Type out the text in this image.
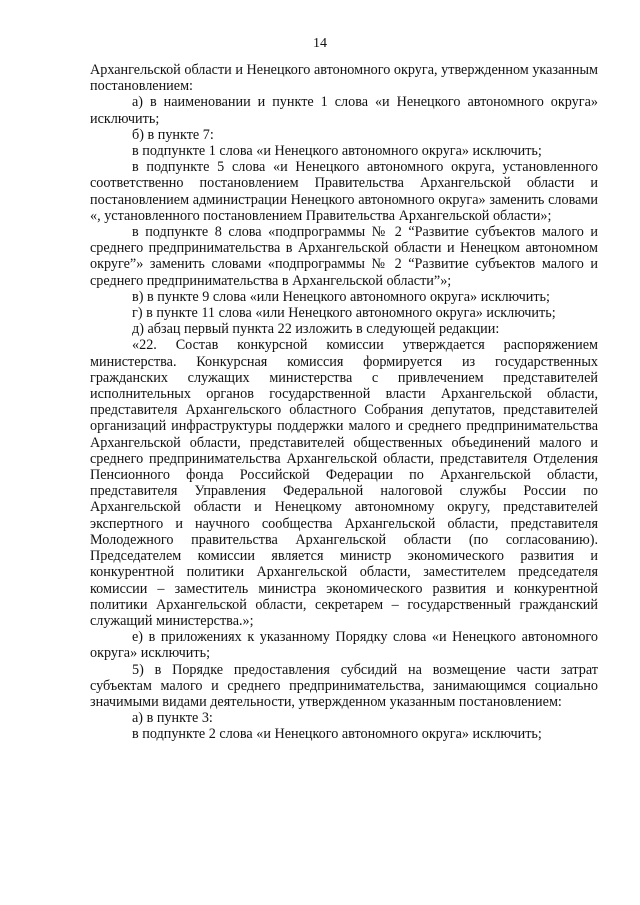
14

Архангельской области и Ненецкого автономного округа, утвержденном указанным постановлением:

а) в наименовании и пункте 1 слова «и Ненецкого автономного округа» исключить;

б) в пункте 7:

в подпункте 1 слова «и Ненецкого автономного округа» исключить;

в подпункте 5 слова «и Ненецкого автономного округа, установленного соответственно постановлением Правительства Архангельской области и постановлением администрации Ненецкого автономного округа» заменить словами «, установленного постановлением Правительства Архангельской области»;

в подпункте 8 слова «подпрограммы № 2 “Развитие субъектов малого и среднего предпринимательства в Архангельской области и Ненецком автономном округе”» заменить словами «подпрограммы № 2 “Развитие субъектов малого и среднего предпринимательства в Архангельской области”»;

в) в пункте 9 слова «или Ненецкого автономного округа» исключить;

г) в пункте 11 слова «или Ненецкого автономного округа» исключить;

д) абзац первый пункта 22 изложить в следующей редакции:

«22. Состав конкурсной комиссии утверждается распоряжением министерства. Конкурсная комиссия формируется из государственных гражданских служащих министерства с привлечением представителей исполнительных органов государственной власти Архангельской области, представителя Архангельского областного Собрания депутатов, представителей организаций инфраструктуры поддержки малого и среднего предпринимательства Архангельской области, представителей общественных объединений малого и среднего предпринимательства Архангельской области, представителя Отделения Пенсионного фонда Российской Федерации по Архангельской области, представителя Управления Федеральной налоговой службы России по Архангельской области и Ненецкому автономному округу, представителей экспертного и научного сообщества Архангельской области, представителя Молодежного правительства Архангельской области (по согласованию). Председателем комиссии является министр экономического развития и конкурентной политики Архангельской области, заместителем председателя комиссии – заместитель министра экономического развития и конкурентной политики Архангельской области, секретарем – государственный гражданский служащий министерства.»;

е) в приложениях к указанному Порядку слова «и Ненецкого автономного округа» исключить;

5) в Порядке предоставления субсидий на возмещение части затрат субъектам малого и среднего предпринимательства, занимающимся социально значимыми видами деятельности, утвержденном указанным постановлением:

а) в пункте 3:

в подпункте 2 слова «и Ненецкого автономного округа» исключить;
